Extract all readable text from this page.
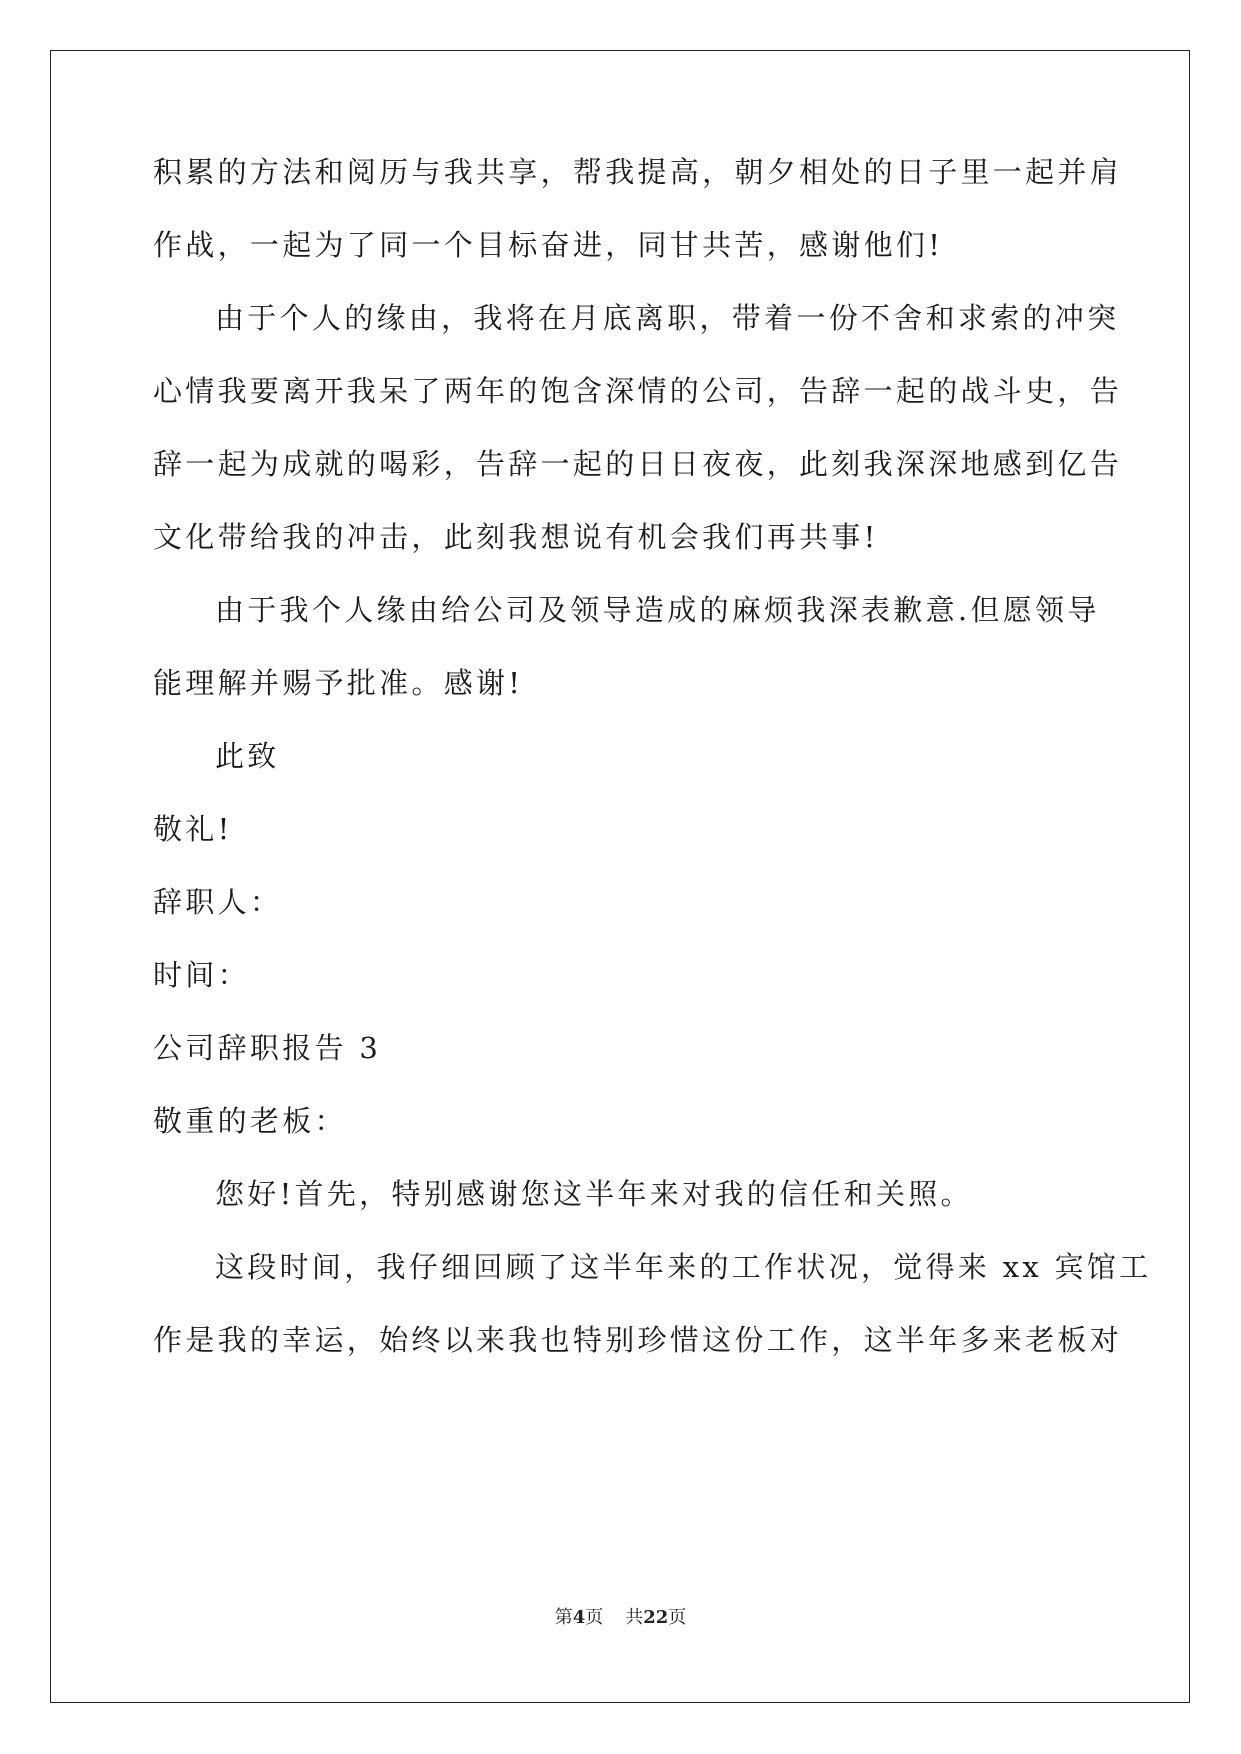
积累的方法和阅历与我共享，帮我提高，朝夕相处的日子里一起并肩
作战，一起为了同一个目标奋进，同甘共苦，感谢他们!
由于个人的缘由，我将在月底离职，带着一份不舍和求索的冲突
心情我要离开我呆了两年的饱含深情的公司，告辞一起的战斗史，告
辞一起为成就的喝彩，告辞一起的日日夜夜，此刻我深深地感到亿告
文化带给我的冲击，此刻我想说有机会我们再共事!
由于我个人缘由给公司及领导造成的麻烦我深表歉意.但愿领导
能理解并赐予批准。感谢!
此致
敬礼!
辞职人：
时间：
公司辞职报告 3
敬重的老板：
您好!首先，特别感谢您这半年来对我的信任和关照。
这段时间，我仔细回顾了这半年来的工作状况，觉得来 xx 宾馆工
作是我的幸运，始终以来我也特别珍惜这份工作，这半年多来老板对
第4页 共22页
